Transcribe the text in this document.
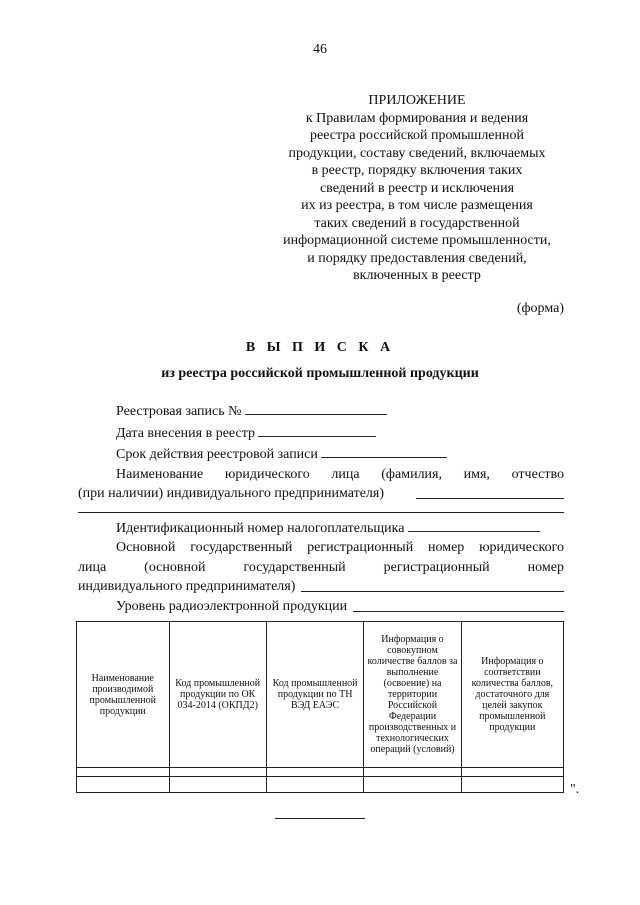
46
ПРИЛОЖЕНИЕ
к Правилам формирования и ведения
реестра российской промышленной
продукции, составу сведений, включаемых
в реестр, порядку включения таких
сведений в реестр и исключения
их из реестра, в том числе размещения
таких сведений в государственной
информационной системе промышленности,
и порядку предоставления сведений,
включенных в реестр
(форма)
В Ы П И С К А
из реестра российской промышленной продукции
Реестровая запись №
Дата внесения в реестр
Срок действия реестровой записи
Наименование юридического лица (фамилия, имя, отчество
(при наличии) индивидуального предпринимателя)
Идентификационный номер налогоплательщика
Основной государственный регистрационный номер юридического
лица	(основной	государственный	регистрационный	номер
индивидуального предпринимателя)
Уровень радиоэлектронной продукции
Наименование производимой промышленной продукции	Код промышленной продукции по ОК 034-2014 (ОКПД2)	Код промышленной продукции по ТН ВЭД ЕАЭС	Информация о совокупном количестве баллов за выполнение (освоение) на территории Российской Федерации производственных и технологических операций (условий)	Информация о соответствии количества баллов, достаточного для целей закупок промышленной продукции

".
